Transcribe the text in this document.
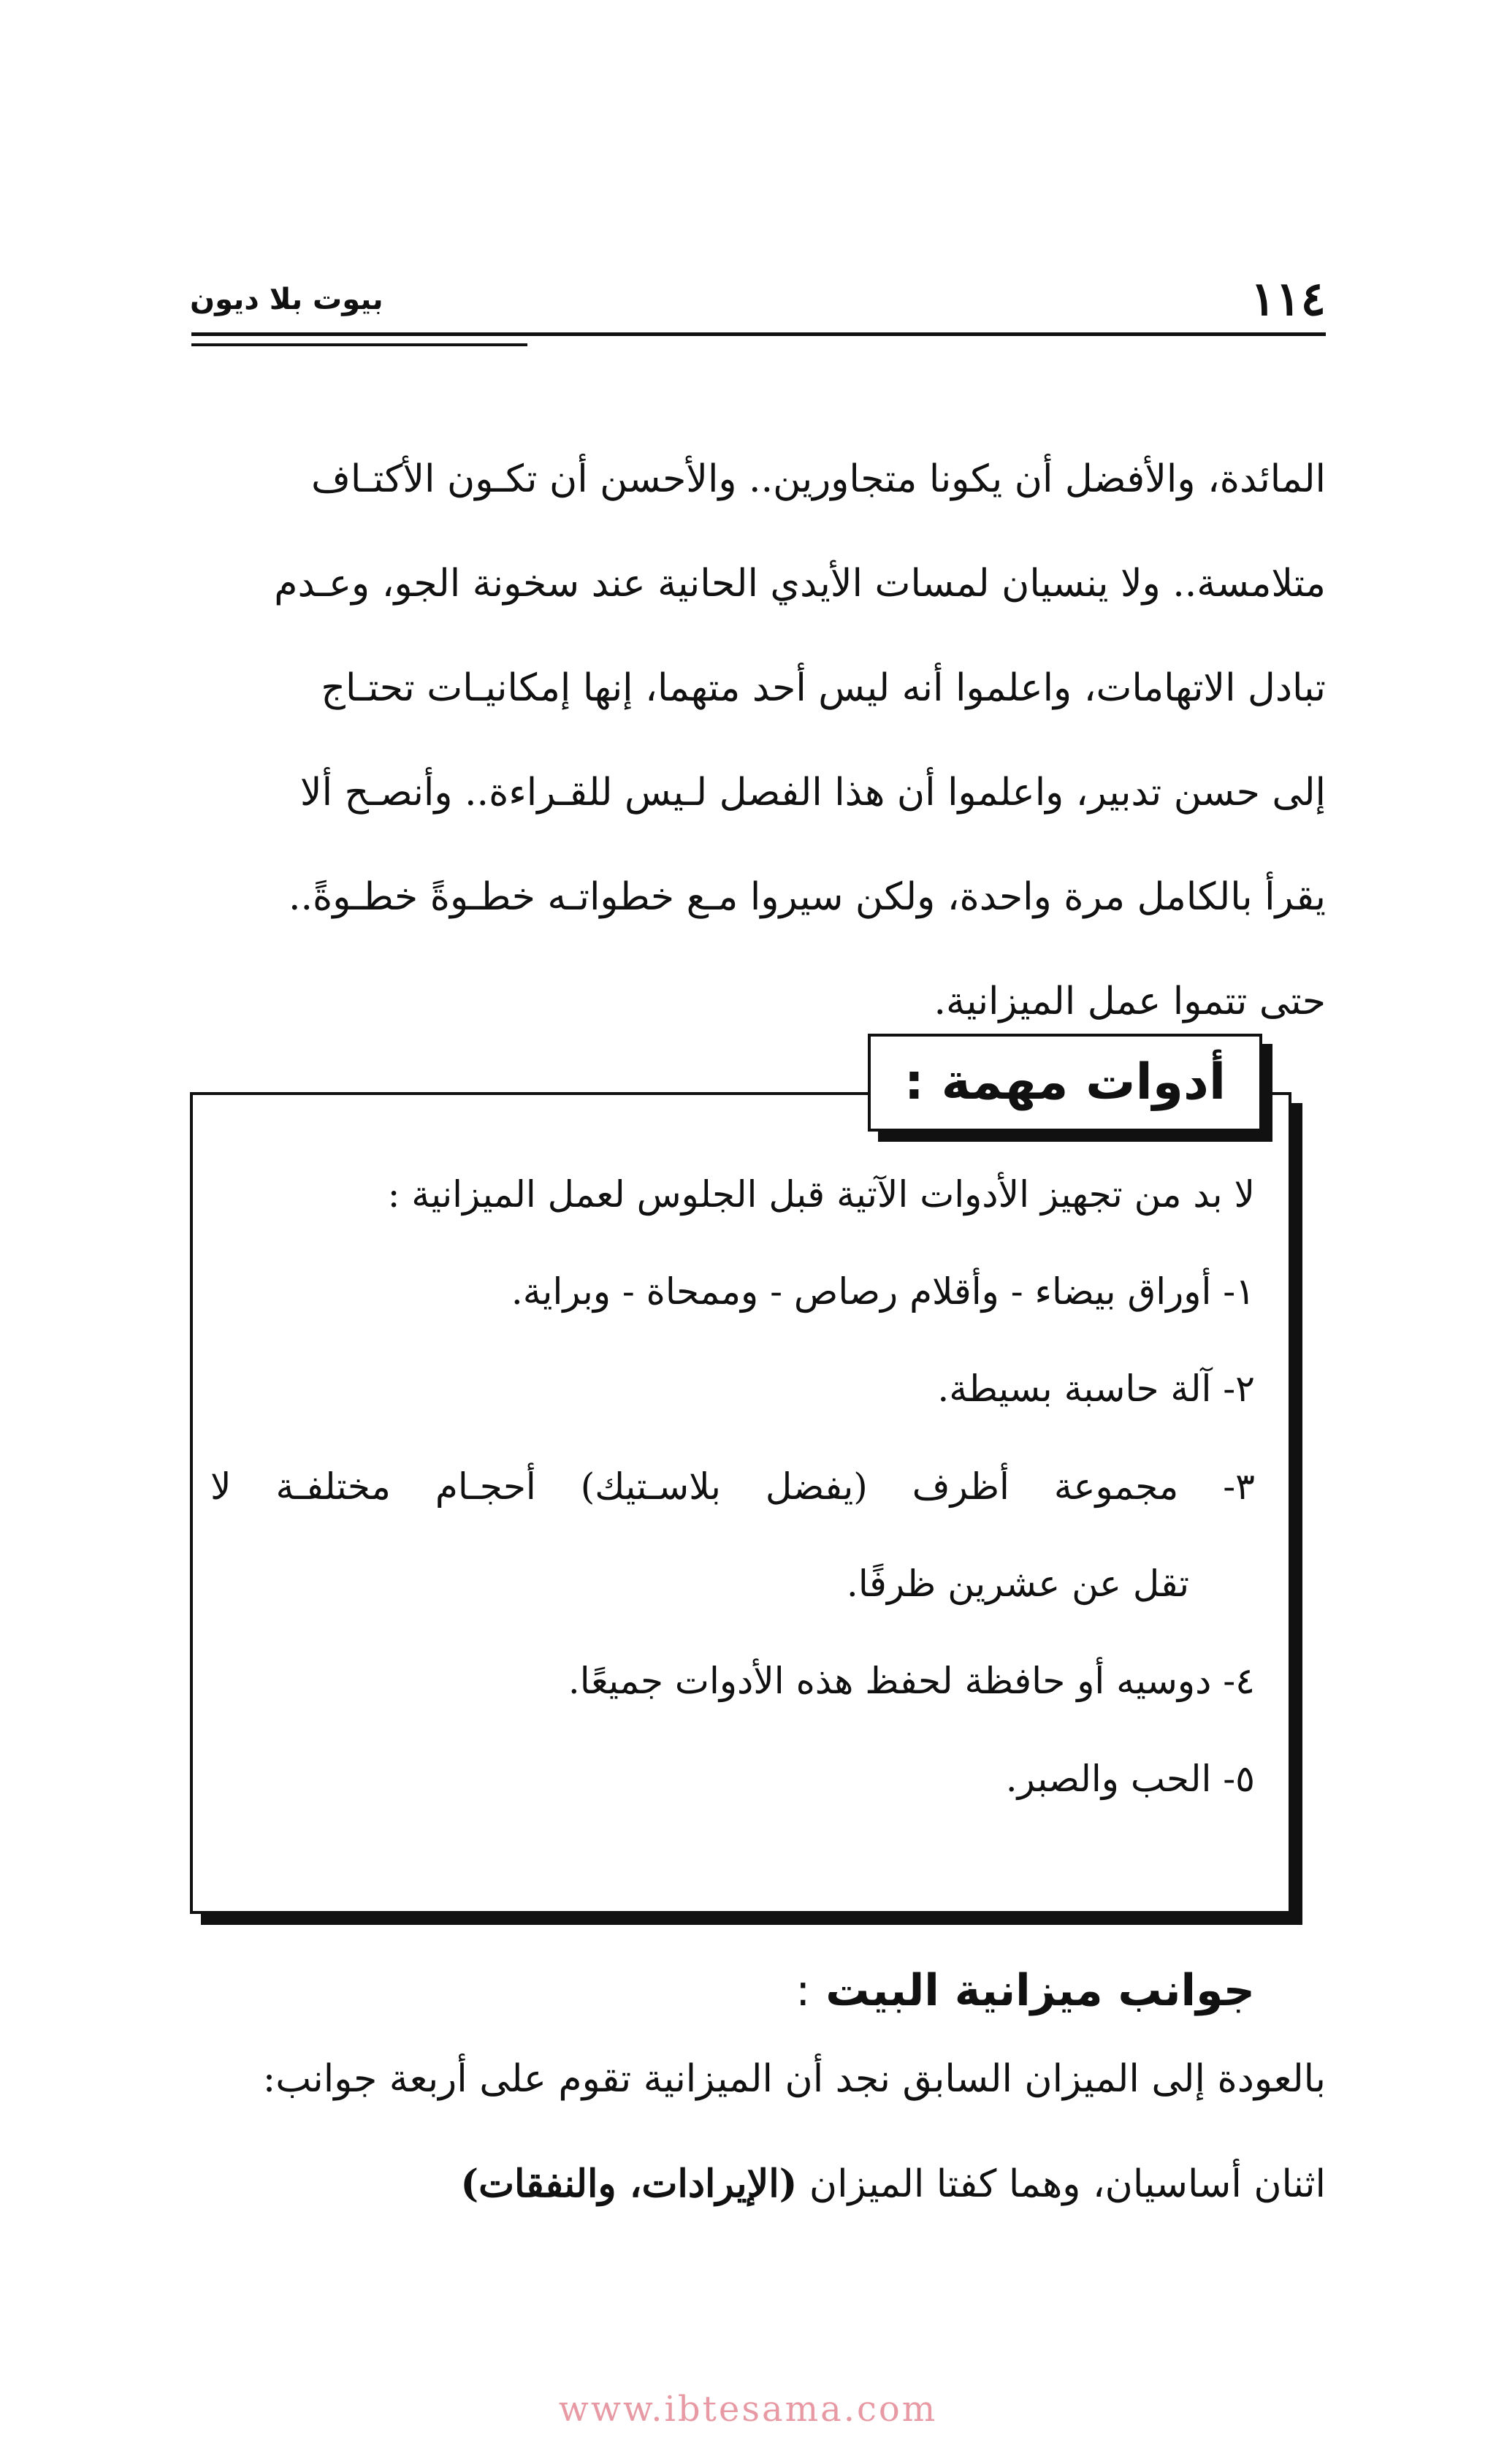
١١٤
بيوت بلا ديون

المائدة، والأفضل أن يكونا متجاورين.. والأحسن أن تكـون الأكتـاف

متلامسة.. ولا ينسيان لمسات الأيدي الحانية عند سخونة الجو، وعـدم

تبادل الاتهامات، واعلموا أنه ليس أحد متهما، إنها إمكانيـات تحتـاج

إلى حسن تدبير، واعلموا أن هذا الفصل لـيس للقـراءة.. وأنصـح ألا

يقرأ بالكامل مرة واحدة، ولكن سيروا مـع خطواتـه خطـوةً خطـوةً..

حتى تتموا عمل الميزانية.

أدوات مهمة :
لا بد من تجهيز الأدوات الآتية قبل الجلوس لعمل الميزانية :
١- أوراق بيضاء - وأقلام رصاص - وممحاة - وبراية.
٢- آلة حاسبة بسيطة.
٣- مجموعة أظرف (يفضل بلاسـتيك) أحجـام مختلفـة لا
تقل عن عشرين ظرفًا.
٤- دوسيه أو حافظة لحفظ هذه الأدوات جميعًا.
٥- الحب والصبر.
جوانب ميزانية البيت :

بالعودة إلى الميزان السابق نجد أن الميزانية تقوم على أربعة جوانب:

اثنان أساسيان، وهما كفتا الميزان (الإيرادات، والنفقات)

www.ibtesama.com
